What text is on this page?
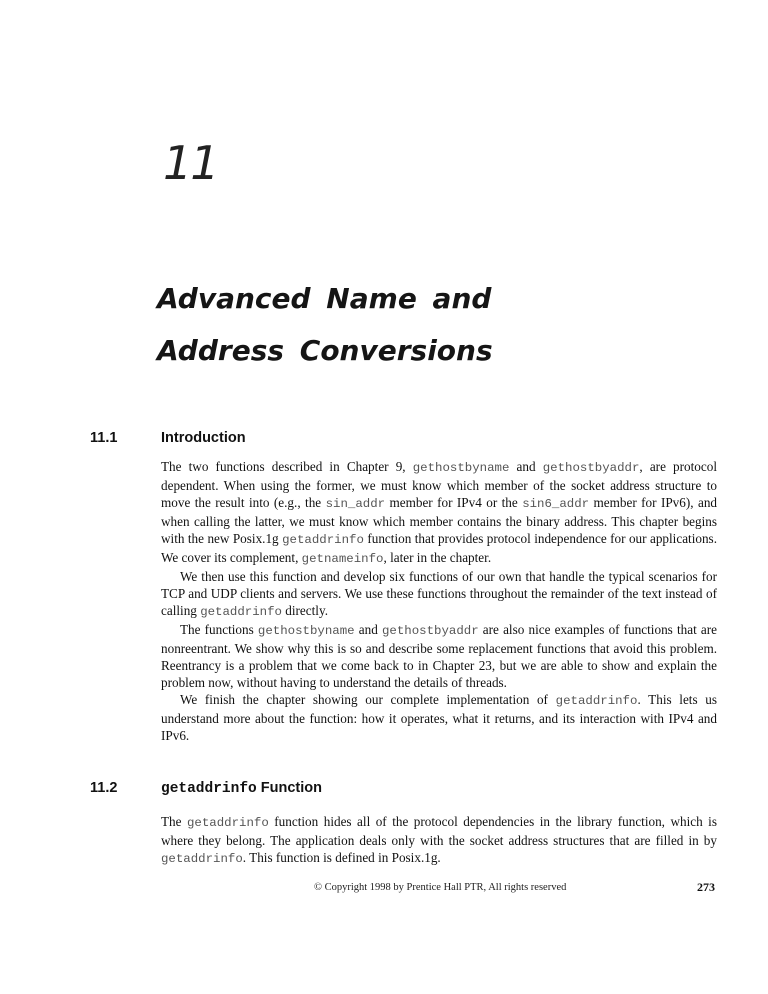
11
Advanced Name and
Address Conversions
11.1	Introduction

The two functions described in Chapter 9, gethostbyname and gethostbyaddr, are protocol dependent. When using the former, we must know which member of the socket address structure to move the result into (e.g., the sin_addr member for IPv4 or the sin6_addr member for IPv6), and when calling the latter, we must know which member contains the binary address. This chapter begins with the new Posix.1g getaddrinfo function that provides protocol independence for our applications. We cover its complement, getnameinfo, later in the chapter.

We then use this function and develop six functions of our own that handle the typical scenarios for TCP and UDP clients and servers. We use these functions throughout the remainder of the text instead of calling getaddrinfo directly.

The functions gethostbyname and gethostbyaddr are also nice examples of functions that are nonreentrant. We show why this is so and describe some replacement functions that avoid this problem. Reentrancy is a problem that we come back to in Chapter 23, but we are able to show and explain the problem now, without having to understand the details of threads.

We finish the chapter showing our complete implementation of getaddrinfo. This lets us understand more about the function: how it operates, what it returns, and its interaction with IPv4 and IPv6.

11.2	getaddrinfo Function

The getaddrinfo function hides all of the protocol dependencies in the library function, which is where they belong. The application deals only with the socket address structures that are filled in by getaddrinfo. This function is defined in Posix.1g.

© Copyright 1998 by Prentice Hall PTR, All rights reserved	273
